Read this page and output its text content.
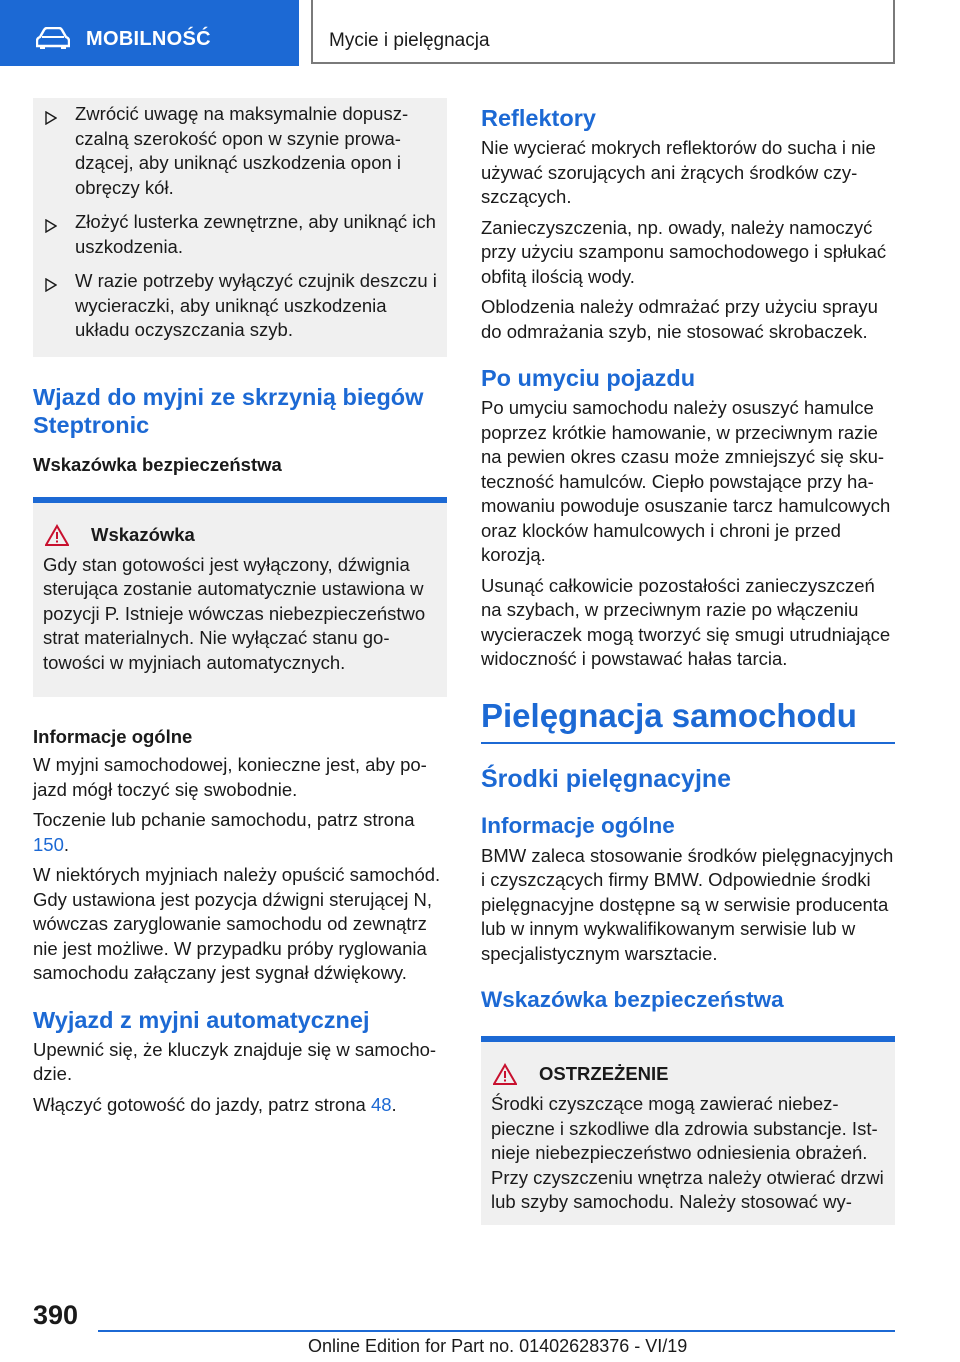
MOBILNOŚĆ	Mycie i pielęgnacja
Zwrócić uwagę na maksymalnie dopuszczalną szerokość opon w szynie prowadzącej, aby uniknąć uszkodzenia opon i obręczy kół.
Złożyć lusterka zewnętrzne, aby uniknąć ich uszkodzenia.
W razie potrzeby wyłączyć czujnik deszczu i wycieraczki, aby uniknąć uszkodzenia układu oczyszczania szyb.
Wjazd do myjni ze skrzynią biegów Steptronic
Wskazówka bezpieczeństwa
Wskazówka

Gdy stan gotowości jest wyłączony, dźwignia sterująca zostanie automatycznie ustawiona w pozycji P. Istnieje wówczas niebezpieczeństwo strat materialnych. Nie wyłączać stanu gotowości w myjniach automatycznych.

Informacje ogólne

W myjni samochodowej, konieczne jest, aby pojazd mógł toczyć się swobodnie.

Toczenie lub pchanie samochodu, patrz strona 150.

W niektórych myjniach należy opuścić samochód. Gdy ustawiona jest pozycja dźwigni sterującej N, wówczas zaryglowanie samochodu od zewnątrz nie jest możliwe. W przypadku próby ryglowania samochodu załączany jest sygnał dźwiękowy.

Wyjazd z myjni automatycznej

Upewnić się, że kluczyk znajduje się w samochodzie.

Włączyć gotowość do jazdy, patrz strona 48.

Reflektory

Nie wycierać mokrych reflektorów do sucha i nie używać szorujących ani żrących środków czyszczących.

Zanieczyszczenia, np. owady, należy namoczyć przy użyciu szamponu samochodowego i spłukać obfitą ilością wody.

Oblodzenia należy odmrażać przy użyciu sprayu do odmrażania szyb, nie stosować skrobaczek.

Po umyciu pojazdu

Po umyciu samochodu należy osuszyć hamulce poprzez krótkie hamowanie, w przeciwnym razie na pewien okres czasu może zmniejszyć się skuteczność hamulców. Ciepło powstające przy hamowaniu powoduje osuszanie tarcz hamulcowych oraz klocków hamulcowych i chroni je przed korozją.

Usunąć całkowicie pozostałości zanieczyszczeń na szybach, w przeciwnym razie po włączeniu wycieraczek mogą tworzyć się smugi utrudniające widoczność i powstawać hałas tarcia.

Pielęgnacja samochodu
Środki pielęgnacyjne
Informacje ogólne

BMW zaleca stosowanie środków pielęgnacyjnych i czyszczących firmy BMW. Odpowiednie środki pielęgnacyjne dostępne są w serwisie producenta lub w innym wykwalifikowanym serwisie lub w specjalistycznym warsztacie.

Wskazówka bezpieczeństwa
OSTRZEŻENIE

Środki czyszczące mogą zawierać niebezpieczne i szkodliwe dla zdrowia substancje. Istnieje niebezpieczeństwo odniesienia obrażeń. Przy czyszczeniu wnętrza należy otwierać drzwi lub szyby samochodu. Należy stosować wy-

390
Online Edition for Part no. 01402628376 - VI/19
